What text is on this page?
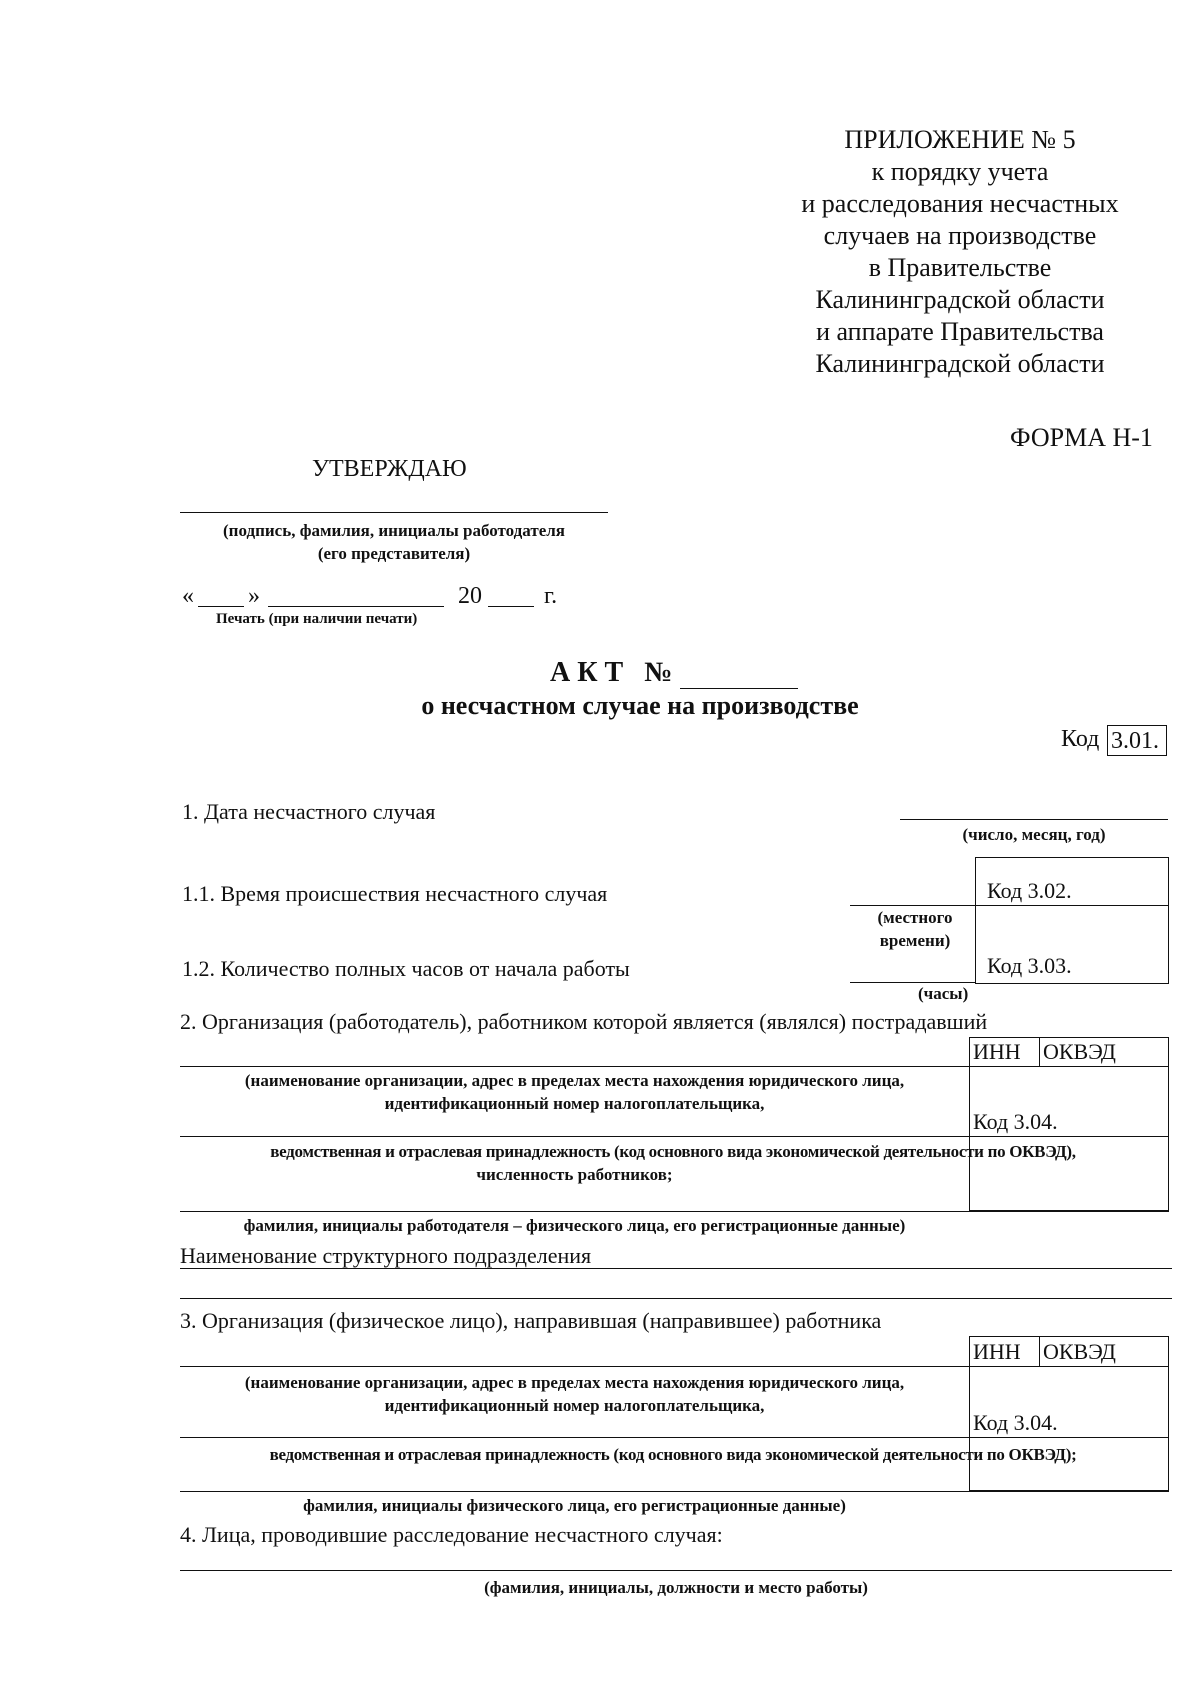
ПРИЛОЖЕНИЕ № 5
к порядку учета
и расследования несчастных
случаев на производстве
в Правительстве
Калининградской области
и аппарате Правительства
Калининградской области
ФОРМА Н-1
УТВЕРЖДАЮ
(подпись, фамилия, инициалы работодателя
(его представителя)
« »	20	г.
Печать (при наличии печати)
А К Т   №
о несчастном случае на производстве
Код 3.01.
1. Дата несчастного случая
(число, месяц, год)
1.1. Время происшествия несчастного случая	Код 3.02.
(местного
времени)
1.2. Количество полных часов от начала работы	Код 3.03.
(часы)
2. Организация (работодатель), работником которой является (являлся) пострадавший
ИНН ОКВЭД
(наименование организации, адрес в пределах места нахождения юридического лица,
идентификационный номер налогоплательщика,
Код 3.04.
ведомственная и отраслевая принадлежность (код основного вида экономической деятельности по ОКВЭД),
численность работников;
фамилия, инициалы работодателя – физического лица, его регистрационные данные)
Наименование структурного подразделения
3. Организация (физическое лицо), направившая (направившее) работника
ИНН ОКВЭД
(наименование организации, адрес в пределах места нахождения юридического лица,
идентификационный номер налогоплательщика,
Код 3.04.
ведомственная и отраслевая принадлежность (код основного вида экономической деятельности по ОКВЭД);
фамилия, инициалы физического лица, его регистрационные данные)
4. Лица, проводившие расследование несчастного случая:
(фамилия, инициалы, должности и место работы)
